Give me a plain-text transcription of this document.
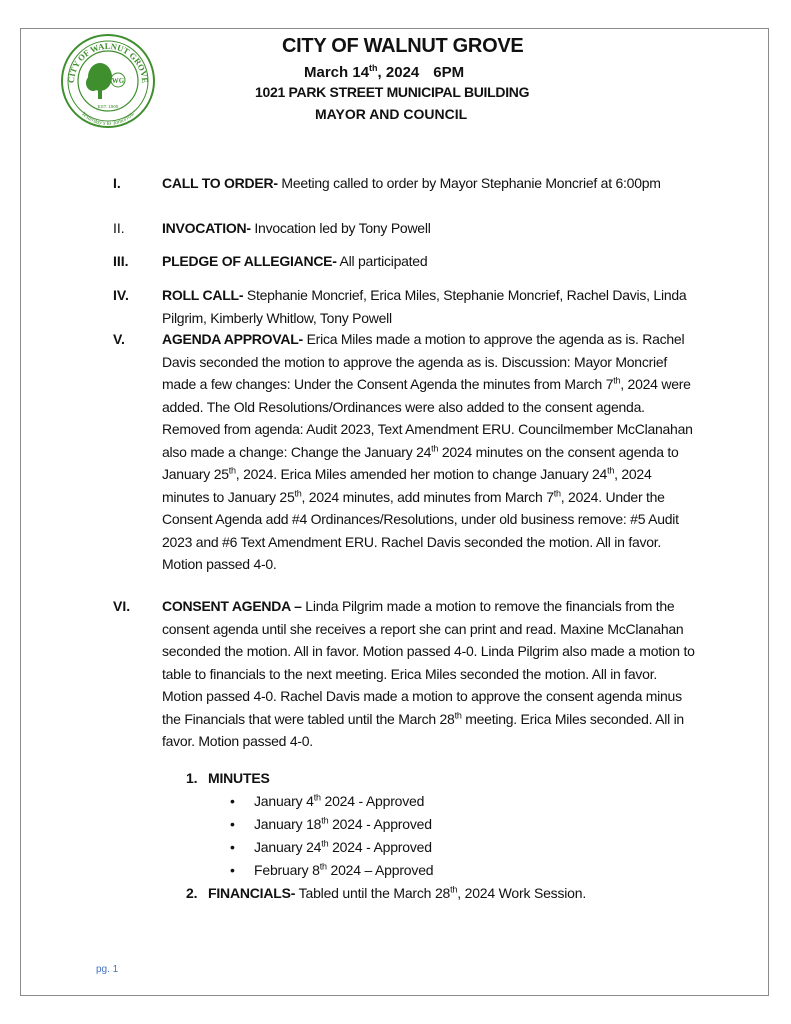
CITY OF WALNUT GROVE
Yesterday's to Tomorrow
WG
EST. 1905
CITY OF WALNUT GROVE
March 14th, 2024 6PM
1021 PARK STREET MUNICIPAL BUILDING
MAYOR AND COUNCIL
I.	CALL TO ORDER- Meeting called to order by Mayor Stephanie Moncrief at 6:00pm
II.	INVOCATION- Invocation led by Tony Powell
III. PLEDGE OF ALLEGIANCE- All participated
IV. ROLL CALL- Stephanie Moncrief, Erica Miles, Stephanie Moncrief, Rachel Davis, Linda Pilgrim, Kimberly Whitlow, Tony Powell
V.	AGENDA APPROVAL- Erica Miles made a motion to approve the agenda as is. Rachel Davis seconded the motion to approve the agenda as is. Discussion: Mayor Moncrief made a few changes: Under the Consent Agenda the minutes from March 7th, 2024 were added. The Old Resolutions/Ordinances were also added to the consent agenda. Removed from agenda: Audit 2023, Text Amendment ERU. Councilmember McClanahan also made a change: Change the January 24th 2024 minutes on the consent agenda to January 25th, 2024. Erica Miles amended her motion to change January 24th, 2024 minutes to January 25th, 2024 minutes, add minutes from March 7th, 2024. Under the Consent Agenda add #4 Ordinances/Resolutions, under old business remove: #5 Audit 2023 and #6 Text Amendment ERU. Rachel Davis seconded the motion. All in favor. Motion passed 4-0.
VI. CONSENT AGENDA – Linda Pilgrim made a motion to remove the financials from the consent agenda until she receives a report she can print and read. Maxine McClanahan seconded the motion. All in favor. Motion passed 4-0. Linda Pilgrim also made a motion to table to financials to the next meeting. Erica Miles seconded the motion. All in favor. Motion passed 4-0. Rachel Davis made a motion to approve the consent agenda minus the Financials that were tabled until the March 28th meeting. Erica Miles seconded. All in favor. Motion passed 4-0.
1. MINUTES
• January 4th 2024 - Approved
• January 18th 2024 - Approved
• January 24th 2024 - Approved
• February 8th 2024 – Approved
2. FINANCIALS- Tabled until the March 28th, 2024 Work Session.
pg. 1
